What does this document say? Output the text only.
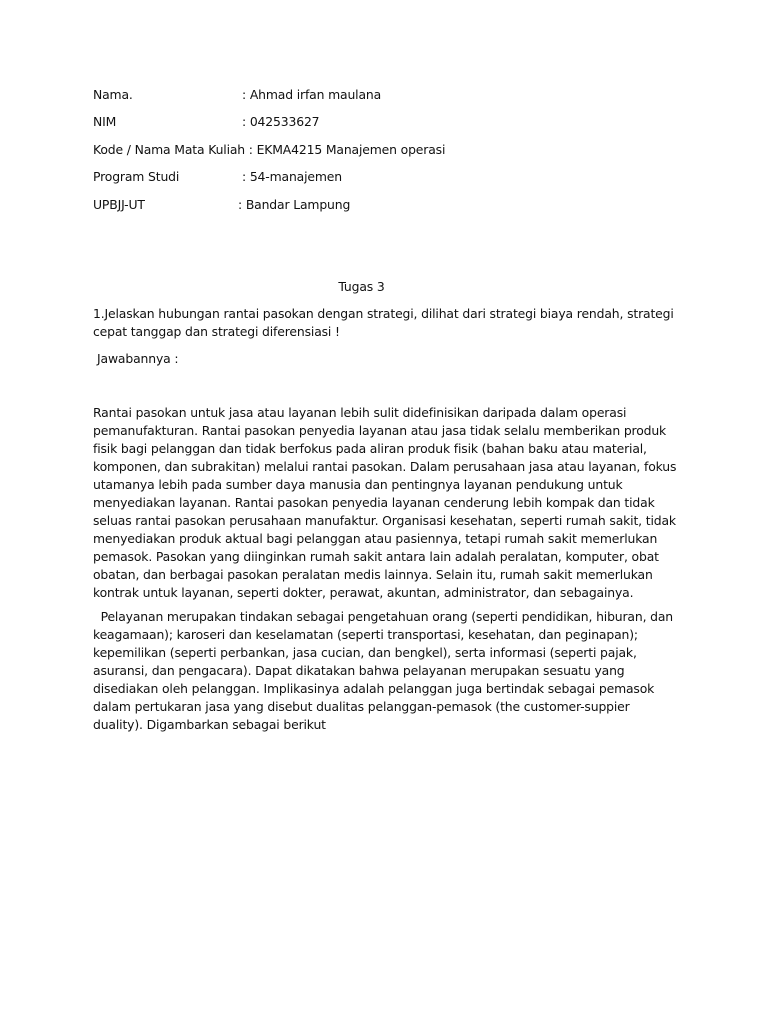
Nama.	: Ahmad irfan maulana
NIM	: 042533627
Kode / Nama Mata Kuliah : EKMA4215 Manajemen operasi
Program Studi	: 54-manajemen
UPBJJ-UT	: Bandar Lampung
Tugas 3

1.Jelaskan hubungan rantai pasokan dengan strategi, dilihat dari strategi biaya rendah, strategi cepat tanggap dan strategi diferensiasi !

Jawabannya :

Rantai pasokan untuk jasa atau layanan lebih sulit didefinisikan daripada dalam operasi pemanufakturan. Rantai pasokan penyedia layanan atau jasa tidak selalu memberikan produk fisik bagi pelanggan dan tidak berfokus pada aliran produk fisik (bahan baku atau material, komponen, dan subrakitan) melalui rantai pasokan. Dalam perusahaan jasa atau layanan, fokus utamanya lebih pada sumber daya manusia dan pentingnya layanan pendukung untuk menyediakan layanan. Rantai pasokan penyedia layanan cenderung lebih kompak dan tidak seluas rantai pasokan perusahaan manufaktur. Organisasi kesehatan, seperti rumah sakit, tidak menyediakan produk aktual bagi pelanggan atau pasiennya, tetapi rumah sakit memerlukan pemasok. Pasokan yang diinginkan rumah sakit antara lain adalah peralatan, komputer, obat obatan, dan berbagai pasokan peralatan medis lainnya. Selain itu, rumah sakit memerlukan kontrak untuk layanan, seperti dokter, perawat, akuntan, administrator, dan sebagainya.

Pelayanan merupakan tindakan sebagai pengetahuan orang (seperti pendidikan, hiburan, dan keagamaan); karoseri dan keselamatan (seperti transportasi, kesehatan, dan peginapan); kepemilikan (seperti perbankan, jasa cucian, dan bengkel), serta informasi (seperti pajak, asuransi, dan pengacara). Dapat dikatakan bahwa pelayanan merupakan sesuatu yang disediakan oleh pelanggan. Implikasinya adalah pelanggan juga bertindak sebagai pemasok dalam pertukaran jasa yang disebut dualitas pelanggan-pemasok (the customer-suppier duality). Digambarkan sebagai berikut
